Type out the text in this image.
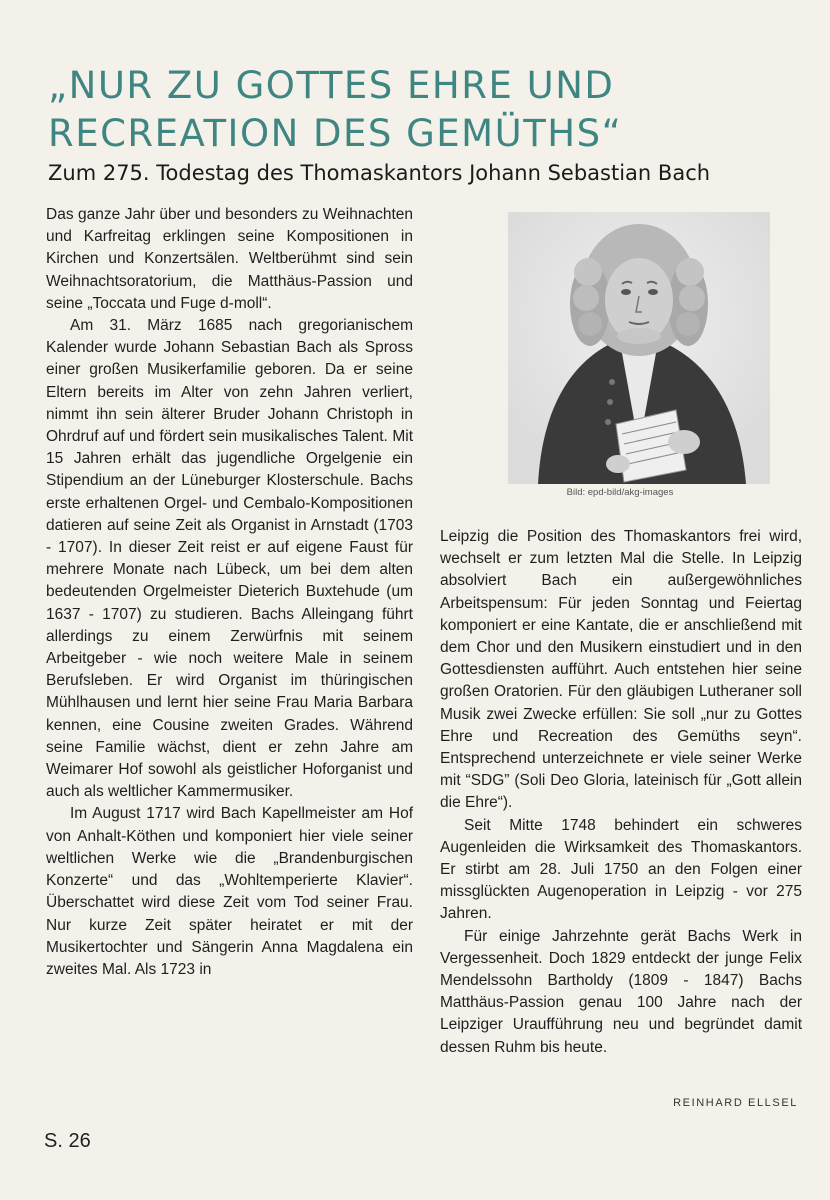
„NUR ZU GOTTES EHRE UND
RECREATION DES GEMÜTHS“
Zum 275. Todestag des Thomaskantors Johann Sebastian Bach

Das ganze Jahr über und besonders zu Weihnachten und Karfreitag erklingen seine Kompositionen in Kirchen und Konzertsälen. Weltberühmt sind sein Weihnachtsoratorium, die Matthäus-Passion und seine „Toccata und Fuge d-moll“.

Am 31. März 1685 nach gregorianischem Kalender wurde Johann Sebastian Bach als Spross einer großen Musikerfamilie geboren. Da er seine Eltern bereits im Alter von zehn Jahren verliert, nimmt ihn sein älterer Bruder Johann Christoph in Ohrdruf auf und fördert sein musikalisches Talent. Mit 15 Jahren erhält das jugendliche Orgelgenie ein Stipendium an der Lüneburger Klosterschule. Bachs erste erhaltenen Orgel- und Cembalo-Kompositionen datieren auf seine Zeit als Organist in Arnstadt (1703 - 1707). In dieser Zeit reist er auf eigene Faust für mehrere Monate nach Lübeck, um bei dem alten bedeutenden Orgelmeister Dieterich Buxtehude (um 1637 - 1707) zu studieren. Bachs Alleingang führt allerdings zu einem Zerwürfnis mit seinem Arbeitgeber - wie noch weitere Male in seinem Berufsleben. Er wird Organist im thüringischen Mühlhausen und lernt hier seine Frau Maria Barbara kennen, eine Cousine zweiten Grades. Während seine Familie wächst, dient er zehn Jahre am Weimarer Hof sowohl als geistlicher Hoforganist und auch als weltlicher Kammermusiker.

Im August 1717 wird Bach Kapellmeister am Hof von Anhalt-Köthen und komponiert hier viele seiner weltlichen Werke wie die „Brandenburgischen Konzerte“ und das „Wohltemperierte Klavier“. Überschattet wird diese Zeit vom Tod seiner Frau. Nur kurze Zeit später heiratet er mit der Musikertochter und Sängerin Anna Magdalena ein zweites Mal. Als 1723 in

Bild: epd-bild/akg-images

Leipzig die Position des Thomaskantors frei wird, wechselt er zum letzten Mal die Stelle. In Leipzig absolviert Bach ein außergewöhnliches Arbeitspensum: Für jeden Sonntag und Feiertag komponiert er eine Kantate, die er anschließend mit dem Chor und den Musikern einstudiert und in den Gottesdiensten aufführt. Auch entstehen hier seine großen Oratorien. Für den gläubigen Lutheraner soll Musik zwei Zwecke erfüllen: Sie soll „nur zu Gottes Ehre und Recreation des Gemüths seyn“. Entsprechend unterzeichnete er viele seiner Werke mit “SDG” (Soli Deo Gloria, lateinisch für „Gott allein die Ehre“).

Seit Mitte 1748 behindert ein schweres Augenleiden die Wirksamkeit des Thomaskantors. Er stirbt am 28. Juli 1750 an den Folgen einer missglückten Augenoperation in Leipzig - vor 275 Jahren.

Für einige Jahrzehnte gerät Bachs Werk in Vergessenheit. Doch 1829 entdeckt der junge Felix Mendelssohn Bartholdy (1809 - 1847) Bachs Matthäus-Passion genau 100 Jahre nach der Leipziger Uraufführung neu und begründet damit dessen Ruhm bis heute.

REINHARD ELLSEL
S. 26
